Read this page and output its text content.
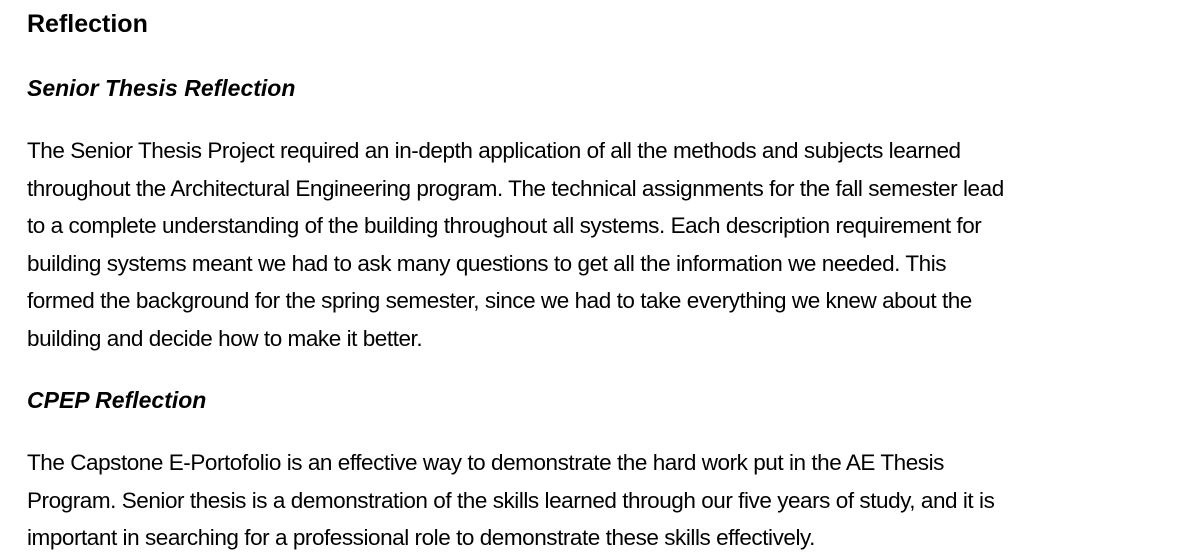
Reflection
Senior Thesis Reflection
The Senior Thesis Project required an in-depth application of all the methods and subjects learned
throughout the Architectural Engineering program. The technical assignments for the fall semester lead
to a complete understanding of the building throughout all systems. Each description requirement for
building systems meant we had to ask many questions to get all the information we needed. This
formed the background for the spring semester, since we had to take everything we knew about the
building and decide how to make it better.
CPEP Reflection
The Capstone E-Portofolio is an effective way to demonstrate the hard work put in the AE Thesis
Program. Senior thesis is a demonstration of the skills learned through our five years of study, and it is
important in searching for a professional role to demonstrate these skills effectively.
